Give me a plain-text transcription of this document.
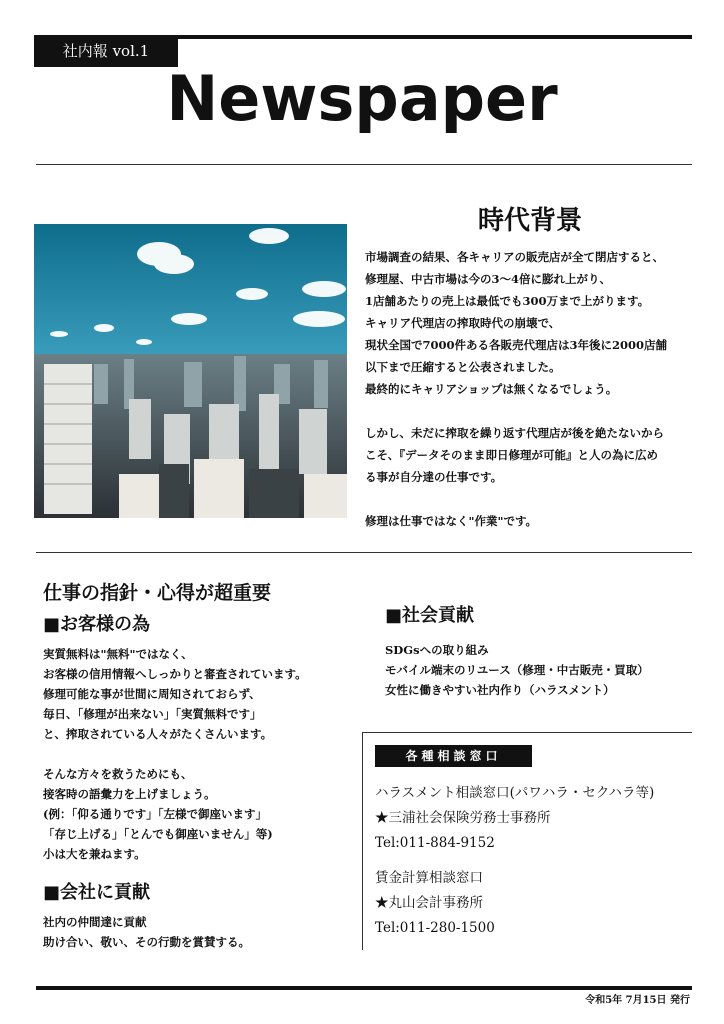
社内報 vol.1
Newspaper
時代背景

市場調査の結果、各キャリアの販売店が全て閉店すると、
修理屋、中古市場は今の3～4倍に膨れ上がり、
1店舗あたりの売上は最低でも300万まで上がります。
キャリア代理店の搾取時代の崩壊で、
現状全国で7000件ある各販売代理店は3年後に2000店舗
以下まで圧縮すると公表されました。
最終的にキャリアショップは無くなるでしょう。

しかし、未だに搾取を繰り返す代理店が後を絶たないから
こそ、『データそのまま即日修理が可能』と人の為に広め
る事が自分達の仕事です。

修理は仕事ではなく"作業"です。

仕事の指針・心得が超重要
■お客様の為

実質無料は"無料"ではなく、

お客様の信用情報へしっかりと審査されています。

修理可能な事が世間に周知されておらず、

毎日、「修理が出来ない」「実質無料です」

と、搾取されている人々がたくさんいます。

そんな方々を救うためにも、

接客時の語彙力を上げましょう。

(例：「仰る通りです」「左様で御座います」

「存じ上げる」「とんでも御座いません」等)

小は大を兼ねます。

■会社に貢献

社内の仲間達に貢献

助け合い、敬い、その行動を賞賛する。

■社会貢献

SDGsへの取り組み

モバイル端末のリユース（修理・中古販売・買取）

女性に働きやすい社内作り（ハラスメント）

各種相談窓口

ハラスメント相談窓口(パワハラ・セクハラ等)

★三浦社会保険労務士事務所

Tel:011-884-9152

賃金計算相談窓口

★丸山会計事務所

Tel:011-280-1500

令和5年 7月15日 発行
